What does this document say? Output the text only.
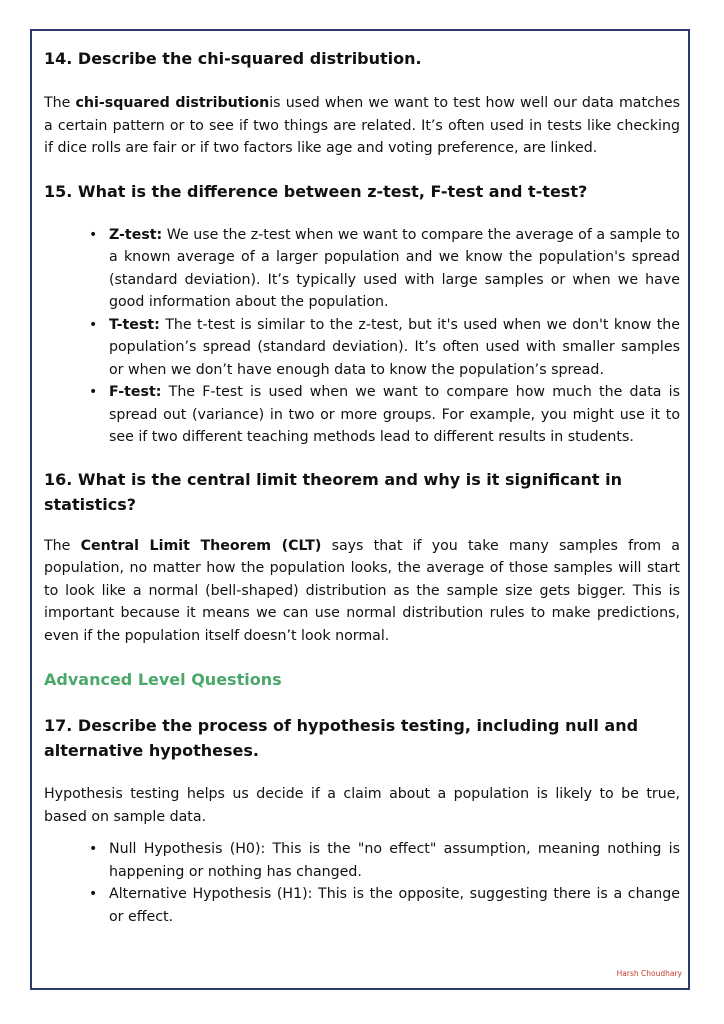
14. Describe the chi-squared distribution.

The chi-squared distributionis used when we want to test how well our data matches a certain pattern or to see if two things are related. It’s often used in tests like checking if dice rolls are fair or if two factors like age and voting preference, are linked.

15. What is the difference between z-test, F-test and t-test?
• Z-test: We use the z-test when we want to compare the average of a sample to a known average of a larger population and we know the population's spread (standard deviation). It’s typically used with large samples or when we have good information about the population.
• T-test: The t-test is similar to the z-test, but it's used when we don't know the population’s spread (standard deviation). It’s often used with smaller samples or when we don’t have enough data to know the population’s spread.
• F-test: The F-test is used when we want to compare how much the data is spread out (variance) in two or more groups. For example, you might use it to see if two different teaching methods lead to different results in students.
16. What is the central limit theorem and why is it significant in statistics?

The Central Limit Theorem (CLT) says that if you take many samples from a population, no matter how the population looks, the average of those samples will start to look like a normal (bell-shaped) distribution as the sample size gets bigger. This is important because it means we can use normal distribution rules to make predictions, even if the population itself doesn’t look normal.

Advanced Level Questions
17. Describe the process of hypothesis testing, including null and alternative hypotheses.

Hypothesis testing helps us decide if a claim about a population is likely to be true, based on sample data.

• Null Hypothesis (H0): This is the "no effect" assumption, meaning nothing is happening or nothing has changed.
• Alternative Hypothesis (H1): This is the opposite, suggesting there is a change or effect.
Harsh Choudhary
